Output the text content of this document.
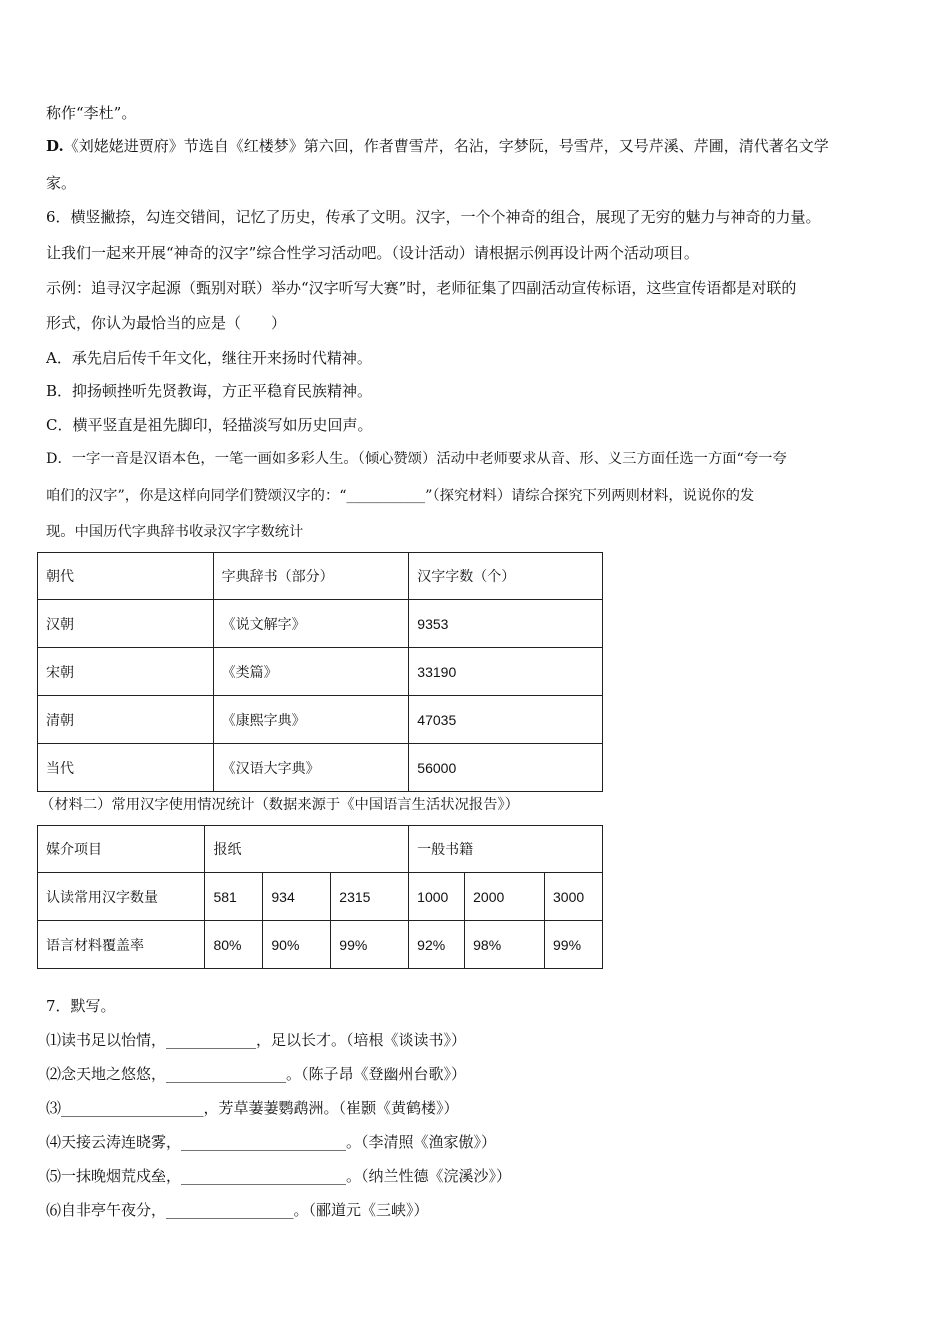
称作“李杜”。
D.《刘姥姥进贾府》节选自《红楼梦》第六回，作者曹雪芹，名沾，字梦阮，号雪芹，又号芹溪、芹圃，清代著名文学
家。
6．横竖撇捺，勾连交错间，记忆了历史，传承了文明。汉字，一个个神奇的组合，展现了无穷的魅力与神奇的力量。
让我们一起来开展“神奇的汉字”综合性学习活动吧。（设计活动）请根据示例再设计两个活动项目。
示例：追寻汉字起源（甄别对联）举办“汉字听写大赛”时，老师征集了四副活动宣传标语，这些宣传语都是对联的
形式，你认为最恰当的应是（　　）
A．承先启后传千年文化，继往开来扬时代精神。
B．抑扬顿挫听先贤教诲，方正平稳育民族精神。
C．横平竖直是祖先脚印，轻描淡写如历史回声。
D．一字一音是汉语本色，一笔一画如多彩人生。（倾心赞颂）活动中老师要求从音、形、义三方面任选一方面“夸一夸
咱们的汉字”，你是这样向同学们赞颂汉字的：“___________”（探究材料）请综合探究下列两则材料，说说你的发
现。中国历代字典辞书收录汉字字数统计
朝代	字典辞书（部分）	汉字字数（个）
汉朝	《说文解字》	9353
宋朝	《类篇》	33190
清朝	《康熙字典》	47035
当代	《汉语大字典》	56000
（材料二）常用汉字使用情况统计（数据来源于《中国语言生活状况报告》）
媒介项目	报纸			一般书籍		
认读常用汉字数量	581	934	2315	1000	2000	3000
语言材料覆盖率	80%	90%	99%	92%	98%	99%
7．默写。
⑴读书足以怡情，____________，足以长才。（培根《谈读书》）
⑵念天地之悠悠，________________。（陈子昂《登幽州台歌》）
⑶___________________，芳草萋萋鹦鹉洲。（崔颢《黄鹤楼》）
⑷天接云涛连晓雾，______________________。（李清照《渔家傲》）
⑸一抹晚烟荒戍垒，______________________。（纳兰性德《浣溪沙》）
⑹自非亭午夜分，_________________。（郦道元《三峡》）
